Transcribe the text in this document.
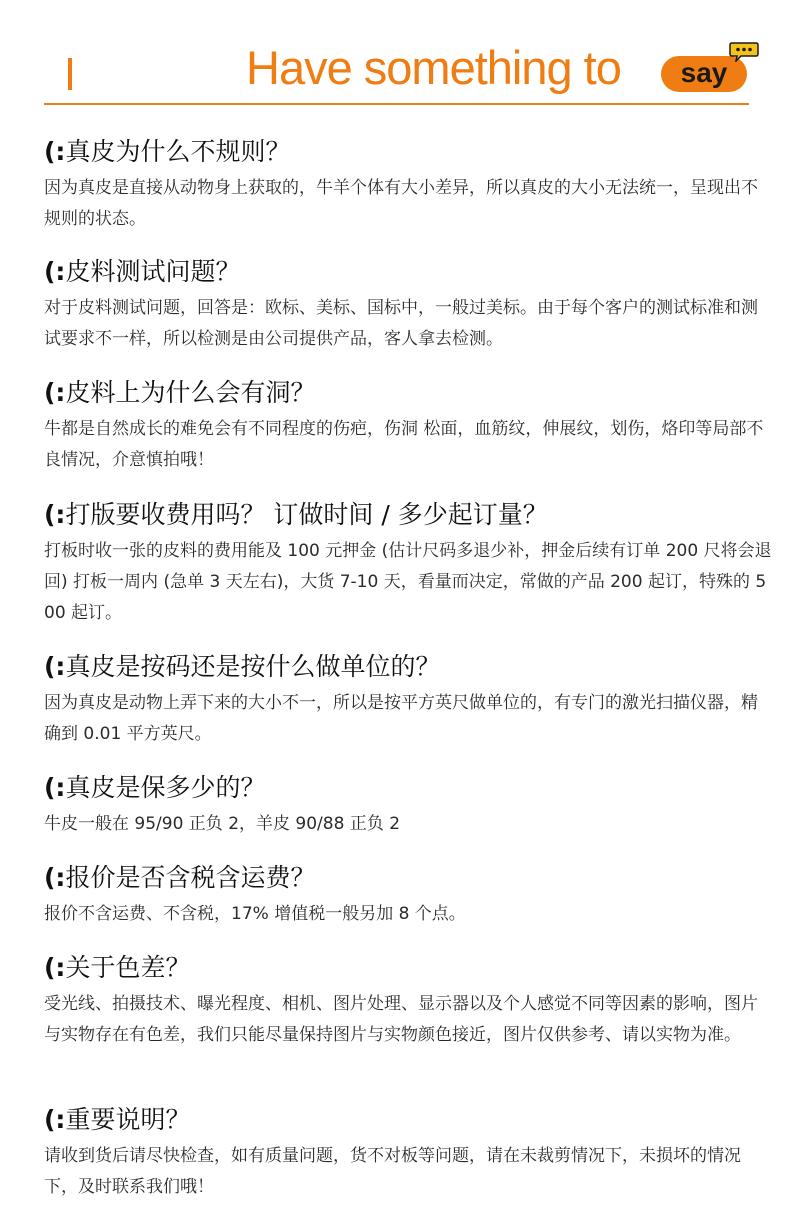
Have something to	say

(:真皮为什么不规则？

因为真皮是直接从动物身上获取的，牛羊个体有大小差异，所以真皮的大小无法统一，呈现出不规则的状态。

(:皮料测试问题？

对于皮料测试问题，回答是：欧标、美标、国标中，一般过美标。由于每个客户的测试标准和测试要求不一样，所以检测是由公司提供产品，客人拿去检测。

(:皮料上为什么会有洞？

牛都是自然成长的难免会有不同程度的伤疤，伤洞 松面，血筋纹，伸展纹，划伤，烙印等局部不良情况，介意慎拍哦！

(:打版要收费用吗？ 订做时间 / 多少起订量？

打板时收一张的皮料的费用能及 100 元押金 (估计尺码多退少补，押金后续有订单 200 尺将会退回) 打板一周内 (急单 3 天左右)，大货 7-10 天，看量而决定，常做的产品 200 起订，特殊的 500 起订。

(:真皮是按码还是按什么做单位的？

因为真皮是动物上弄下来的大小不一，所以是按平方英尺做单位的，有专门的激光扫描仪器，精确到 0.01 平方英尺。

(:真皮是保多少的？

牛皮一般在 95/90 正负 2，羊皮 90/88 正负 2

(:报价是否含税含运费？

报价不含运费、不含税，17% 增值税一般另加 8 个点。

(:关于色差？

受光线、拍摄技术、曝光程度、相机、图片处理、显示器以及个人感觉不同等因素的影响，图片与实物存在有色差，我们只能尽量保持图片与实物颜色接近，图片仅供参考、请以实物为准。

(:重要说明？

请收到货后请尽快检查，如有质量问题，货不对板等问题，请在未裁剪情况下，未损坏的情况下，及时联系我们哦！
